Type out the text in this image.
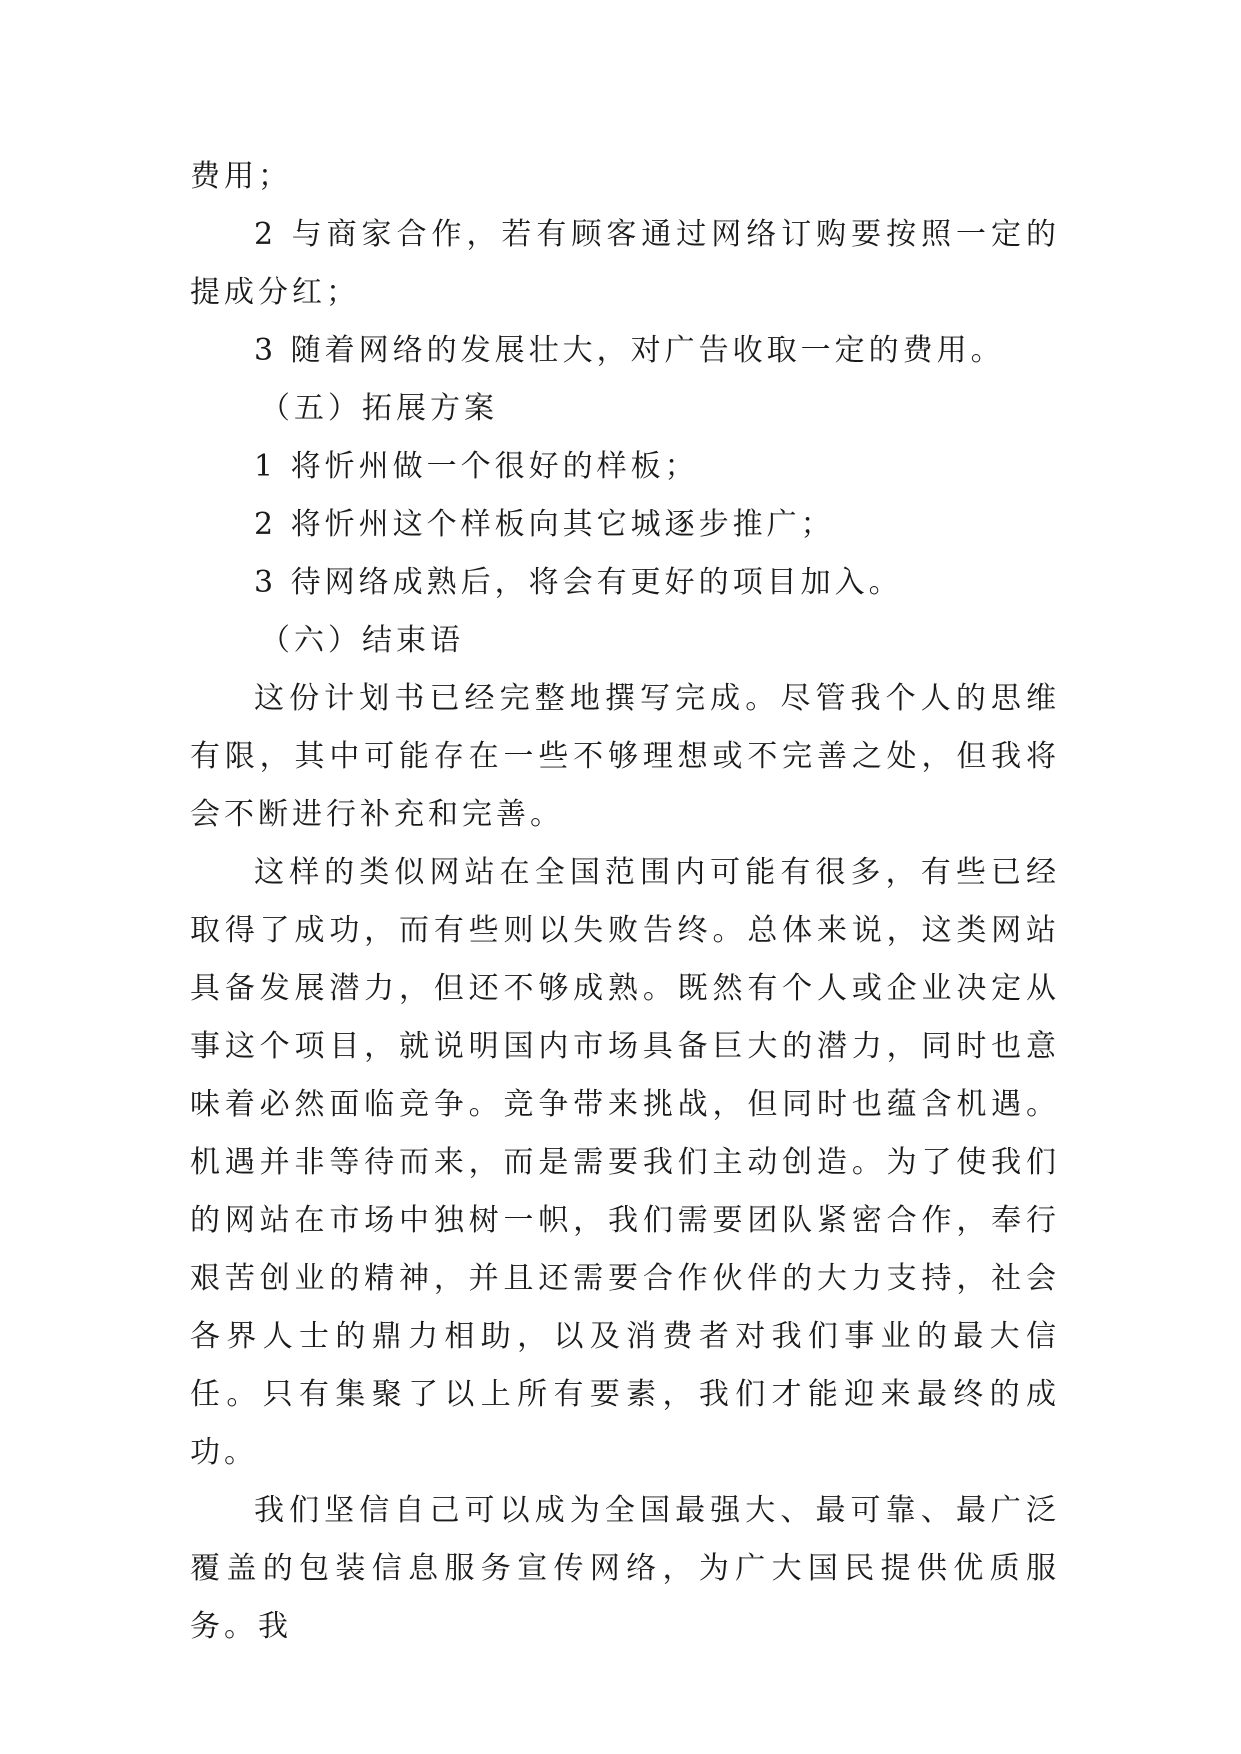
费用；

2 与商家合作，若有顾客通过网络订购要按照一定的提成分红；

3 随着网络的发展壮大，对广告收取一定的费用。

（五）拓展方案

1 将忻州做一个很好的样板；

2 将忻州这个样板向其它城逐步推广；

3 待网络成熟后，将会有更好的项目加入。

（六）结束语

这份计划书已经完整地撰写完成。尽管我个人的思维有限，其中可能存在一些不够理想或不完善之处，但我将会不断进行补充和完善。

这样的类似网站在全国范围内可能有很多，有些已经取得了成功，而有些则以失败告终。总体来说，这类网站具备发展潜力，但还不够成熟。既然有个人或企业决定从事这个项目，就说明国内市场具备巨大的潜力，同时也意味着必然面临竞争。竞争带来挑战，但同时也蕴含机遇。机遇并非等待而来，而是需要我们主动创造。为了使我们的网站在市场中独树一帜，我们需要团队紧密合作，奉行艰苦创业的精神，并且还需要合作伙伴的大力支持，社会各界人士的鼎力相助，以及消费者对我们事业的最大信任。只有集聚了以上所有要素，我们才能迎来最终的成功。

我们坚信自己可以成为全国最强大、最可靠、最广泛覆盖的包装信息服务宣传网络，为广大国民提供优质服务。我
